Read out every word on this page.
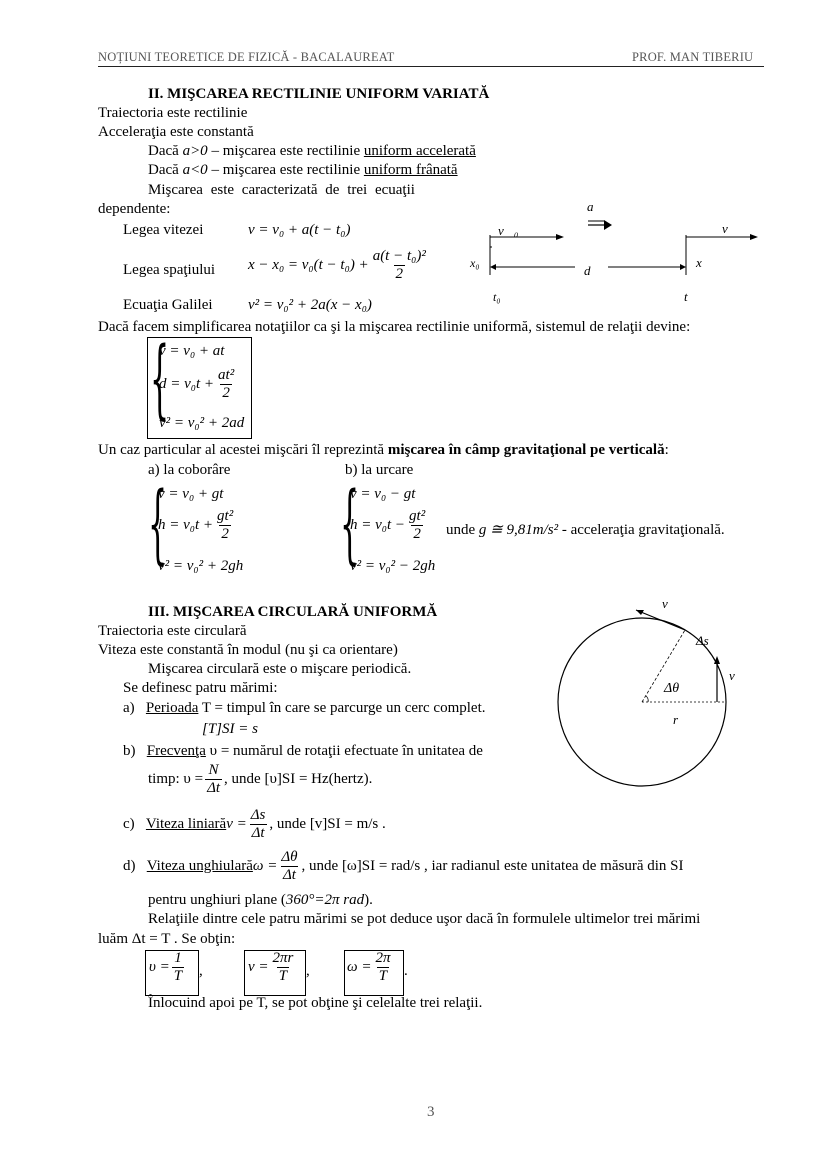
NOȚIUNI TEORETICE DE FIZICĂ - BACALAUREAT	PROF. MAN TIBERIU
II. MIŞCAREA RECTILINIE UNIFORM VARIATĂ
Traiectoria este rectilinie
Acceleraţia este constantă
Dacă a>0 – mişcarea este rectilinie uniform accelerată
Dacă a<0 – mişcarea este rectilinie uniform frânată
Mişcarea este caracterizată de trei ecuaţii
dependente:
Legea vitezei	v = v₀ + a(t − t₀)
Legea spaţiului $x - x_0 = v_0(t - t_0) + \frac{\text{a(t − t₀)²}}{2}$
Ecuaţia Galilei v² = v₀² + 2a(x − x₀)
a⃗
v⃗₀	v⃗
x₀	d
x
t₀	t
Dacă facem simplificarea notaţiilor ca şi la mişcarea rectilinie uniformă, sistemul de relaţii devine:
{
v = v₀ + at
$d = v_0t + \frac{\text{at²}}{2}$
v² = v₀² + 2ad
Un caz particular al acestei mişcări îl reprezintă mişcarea în câmp gravitaţional pe verticală:
a) la coborâre	b) la urcare
{
v = v₀ + gt
$h = v_0t + \frac{\text{gt²}}{2}$
v² = v₀² + 2gh {
v = v₀ − gt
$h = v_0t - \frac{\text{gt²}}{2}$
v² = v₀² − 2gh
unde g ≅ 9,81m/s² - acceleraţia gravitaţională.
III. MIŞCAREA CIRCULARĂ UNIFORMĂ
Traiectoria este circulară
Viteza este constantă în modul (nu şi ca orientare)
Mişcarea circulară este o mişcare periodică.
Se definesc patru mărimi:
a) Perioada T = timpul în care se parcurge un cerc complet.
[T]SI = s
b) Frecvenţa υ = numărul de rotaţii efectuate în unitatea de
timp: $\upsilon = \frac{N}{\Delta t}$ , unde [υ]SI = Hz(hertz).
c)
Viteza liniară $v = \frac{\Delta s}{\Delta t}$ , unde [v]SI = m/s .
d)
Viteza unghiulară $\omega = \frac{\Delta\theta}{\Delta t}$ , unde [ω]SI = rad/s , iar radianul este unitatea de măsură din SI
pentru unghiuri plane (360°=2π rad).
Relaţiile dintre cele patru mărimi se pot deduce uşor dacă în formulele ultimelor trei mărimi
luăm Δt = T . Se obţin:
$\upsilon = \frac{1}{T}$ ,	$v = \frac{2\pi r}{T}$ , $\omega = \frac{2\pi}{T}$ .
Înlocuind apoi pe T, se pot obţine şi celelalte trei relaţii.
v
Δs
v
Δθ
r
3
